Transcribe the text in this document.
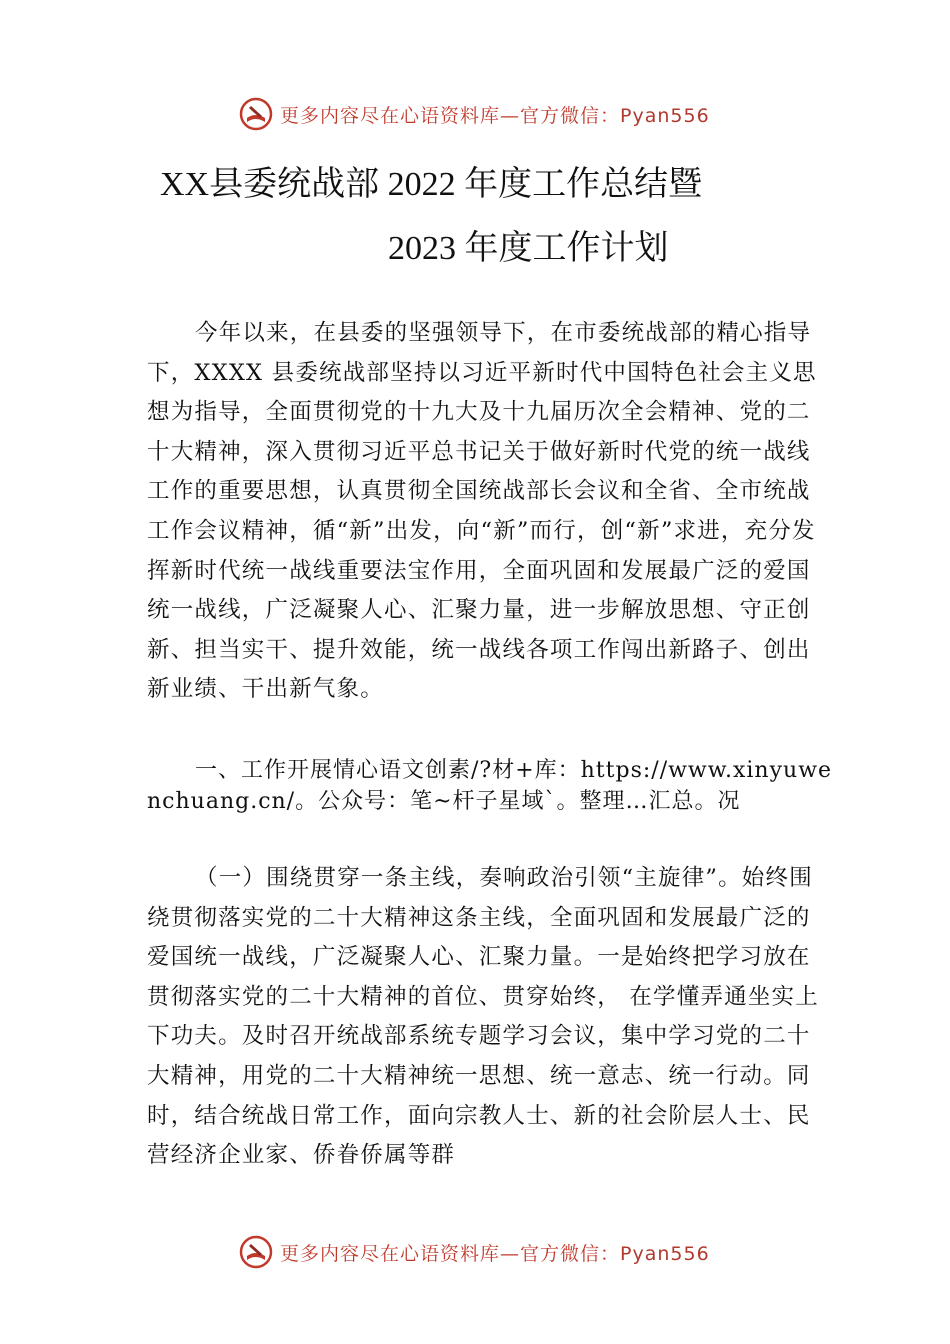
更多内容尽在心语资料库—官方微信：Pyan556
XX县委统战部 2022 年度工作总结暨
2023 年度工作计划

今年以来，在县委的坚强领导下，在市委统战部的精心指导下，XXXX 县委统战部坚持以习近平新时代中国特色社会主义思想为指导，全面贯彻党的十九大及十九届历次全会精神、党的二十大精神，深入贯彻习近平总书记关于做好新时代党的统一战线工作的重要思想，认真贯彻全国统战部长会议和全省、全市统战工作会议精神，循“新”出发，向“新”而行，创“新”求进，充分发挥新时代统一战线重要法宝作用，全面巩固和发展最广泛的爱国统一战线，广泛凝聚人心、汇聚力量，进一步解放思想、守正创新、担当实干、提升效能，统一战线各项工作闯出新路子、创出新业绩、干出新气象。

一、工作开展情心语文创素/?材+库：https://www.xinyuwenchuang.cn/。公众号：笔~杆子星域`。整理…汇总。况

（一）围绕贯穿一条主线，奏响政治引领“主旋律”。始终围绕贯彻落实党的二十大精神这条主线，全面巩固和发展最广泛的爱国统一战线，广泛凝聚人心、汇聚力量。一是始终把学习放在贯彻落实党的二十大精神的首位、贯穿始终， 在学懂弄通坐实上下功夫。及时召开统战部系统专题学习会议，集中学习党的二十大精神，用党的二十大精神统一思想、统一意志、统一行动。同时，结合统战日常工作，面向宗教人士、新的社会阶层人士、民营经济企业家、侨眷侨属等群

更多内容尽在心语资料库—官方微信：Pyan556
